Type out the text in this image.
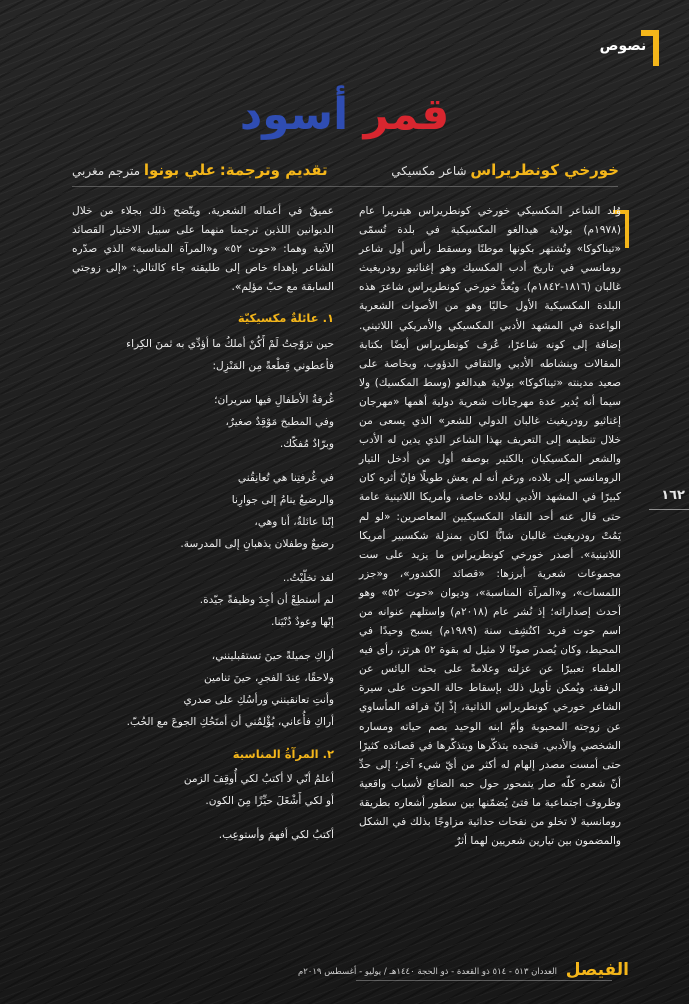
نصوص
قمر أسود
خورخي كونطريراس شاعر مكسيكي
تقديم وترجمة: علي بونوا مترجم مغربي

وُلد الشاعر المكسيكي خورخي كونطريراس هيتريرا عام (١٩٧٨م) بولاية هيدالغو المكسيكية في بلدة تُسمّى «تيناكوكا» وتُشتهر بكونها موطنًا ومسقط رأس أول شاعر رومانسي في تاريخ أدب المكسيك وهو إغناثيو رودريغيث غالبان (١٨١٦-١٨٤٢م). ويُعدُّ خورخي كونطريراس شاعرَ هذه البلدة المكسيكية الأول حاليًا وهو من الأصوات الشعرية الواعدة في المشهد الأدبي المكسيكي والأمريكي اللاتيني. إضافة إلى كونه شاعرًا، عُرف كونطريراس أيضًا بكتابة المقالات وبنشاطه الأدبي والثقافي الدؤوب، وبخاصة على صعيد مدينته «تيناكوكا» بولاية هيدالغو (وسط المكسيك) ولا سيما أنه يُدير عدة مهرجانات شعرية دولية أهمها «مهرجان إغناثيو رودريغيث غالبان الدولي للشعر» الذي يسعى من خلال تنظيمه إلى التعريف بهذا الشاعر الذي يدين له الأدب والشعر المكسيكيان بالكثير بوصفه أول من أدخل التيار الرومانسي إلى بلاده، ورغم أنه لم يعش طويلًا فإنّ أثره كان كبيرًا في المشهد الأدبي لبلاده خاصة، وأمريكا اللاتينية عامة حتى قال عنه أحد النقاد المكسيكيين المعاصرين: «لو لم يَمُتْ رودريغيث غالبان شابًّا لكان بمنزلة شكسبير أمريكا اللاتينية». أصدر خورخي كونطريراس ما يزيد على ست مجموعات شعرية أبرزها: «قصائد الكندور»، و«جزر اللمسات»، و«المرآة المناسبة»، وديوان «حوت ٥٢» وهو أحدث إصداراته؛ إذ نُشر عام (٢٠١٨م) واستلهم عنوانه من اسم حوت فريد اكتُشِف سنة (١٩٨٩م) يسبح وحيدًا في المحيط، وكان يُصدر صوتًا لا مثيل له بقوة ٥٢ هرتز، رأى فيه العلماء تعبيرًا عن عزلته وعلامةً على بحثه اليائس عن الرفقة. ويُمكن تأويل ذلك بإسقاط حالة الحوت على سيرة الشاعر خورخي كونطريراس الذاتية، إذْ إنّ فراقه المأساوي عن زوجته المحبوبة وأمّ ابنه الوحيد بصم حياته ومساره الشخصي والأدبي. فنجده يتذكّرها ويتذكّرها في قصائده كثيرًا حتى أمست مصدر إلهام له أكثر من أيّ شيء آخر؛ إلى حدِّ أنّ شعره كلّه صار يتمحور حول حبه الضائع لأسباب واقعية وظروف اجتماعية ما فتئ يُضمّنها بين سطور أشعاره بطريقة رومانسية لا تخلو من نفحات حداثية مزاوجًا بذلك في الشكل والمضمون بين تيارين شعريين لهما أثرٌ

عميقٌ في أعماله الشعرية. ويتّضح ذلك بجلاء من خلال الديوانين اللذين ترجمنا منهما على سبيل الاختيار القصائد الآتية وهما: «حوت ٥٢» و«المرآة المناسبة» الذي صدّره الشاعر بإهداء خاص إلى طليقته جاء كالتالي: «إلى زوجتي السابقة مع حبّ مؤلِم».

١. عائلةٌ مكسيكيّة

حين تزوّجتُ لَمْ أَكُنْ أملكُ ما أؤدِّي به ثمنَ الكِراء

فأعطوني قِطْعةً مِن المَنْزِل:

غُرفةُ الأطفالِ فيها سريران؛

وفي المطبخ مَوْقِدٌ صغيرٌ،

وبرّادٌ مُفكّك.

في غُرفتِنا هي تُعانِقُني

والرضيعُ ينامُ إلى جوارِنا

إنّنا عائلةٌ، أنا وهي،

رضيعٌ وطفلان يذهبانِ إلى المدرسة.

لقد تخلّيْتُ..

لم أستطِعْ أن أجِدَ وظيفةً جيّدة.

إنّها وعودٌ دُنْيَنا.

أراكِ جميلةً حينَ تستقبلينني،

ولاحقًا، عِندَ الفجرِ، حينَ تنامين

وأنتِ تعانقينني ورأسُكِ على صدري

أراكِ فأُعاني، يُؤْلِمُني أن أمنَحُكِ الجوعَ مع الحُبّ.

٢. المرآةُ المناسبة

أعلمُ أنّي لا أكتبُ لكي أُوقِفَ الزمن

أو لكي أَشْغَلَ حيِّزًا مِنَ الكون.

أكتبُ لكي أفهمَ وأستوعِب.

١٦٢
الفيصل
العددان ٥١٣ - ٥١٤ ذو القعدة - ذو الحجة ١٤٤٠هـ / يوليو - أغسطس ٢٠١٩م
